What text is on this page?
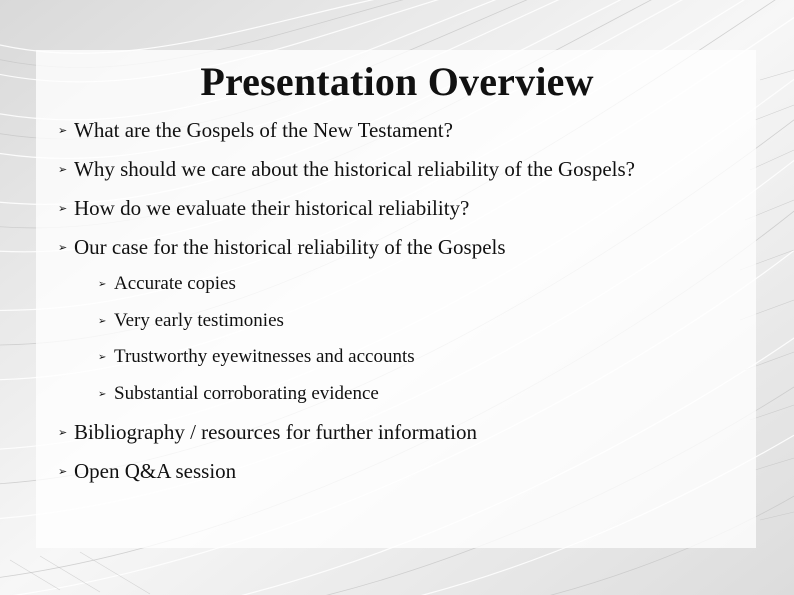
Presentation Overview
➢ What are the Gospels of the New Testament?
➢ Why should we care about the historical reliability of the Gospels?
➢ How do we evaluate their historical reliability?
➢ Our case for the historical reliability of the Gospels
➢ Accurate copies
➢ Very early testimonies
➢ Trustworthy eyewitnesses and accounts
➢ Substantial corroborating evidence
➢ Bibliography / resources for further information
➢ Open Q&A session
